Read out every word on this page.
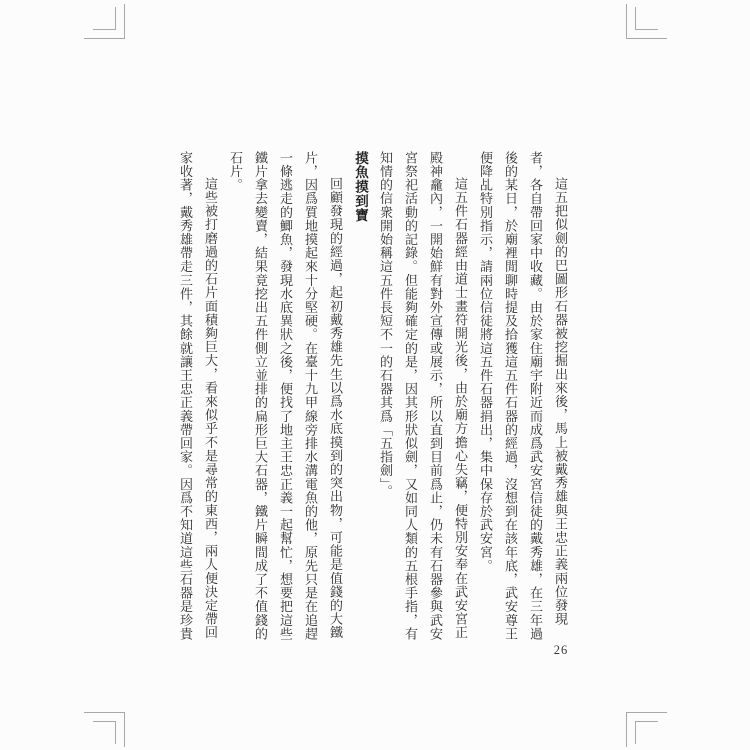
這五把似劍的巴圖形石器被挖掘出來後，馬上被戴秀雄與王忠正義兩位發現者，各自帶回家中收藏。由於家住廟宇附近而成爲武安宮信徒的戴秀雄，在三年過後的某日，於廟裡閒聊時提及拾獲這五件石器的經過，沒想到在該年底，武安尊王便降乩特別指示，請兩位信徒將這五件石器捐出，集中保存於武安宮。

這五件石器經由道士畫符開光後，由於廟方擔心失竊，便特別安奉在武安宮正殿神龕內，一開始鮮有對外宣傳或展示，所以直到目前爲止，仍未有石器參與武安宮祭祀活動的記錄。但能夠確定的是，因其形狀似劍，又如同人類的五根手指，有知情的信衆開始稱這五件長短不一的石器其爲「五指劍」。

摸魚摸到寶

回顧發現的經過，起初戴秀雄先生以爲水底摸到的突出物，可能是值錢的大鐵片，因爲質地摸起來十分堅硬。在臺十九甲線旁排水溝電魚的他，原先只是在追趕一條逃走的鯽魚，發現水底異狀之後，便找了地主王忠正義一起幫忙，想要把這些鐵片拿去變賣，結果竟挖出五件側立並排的扁形巨大石器，鐵片瞬間成了不值錢的石片。

這些被打磨過的石片面積夠巨大，看來似乎不是尋常的東西，兩人便決定帶回家收著，戴秀雄帶走三件，其餘就讓王忠正義帶回家。因爲不知道這些石器是珍貴

26
